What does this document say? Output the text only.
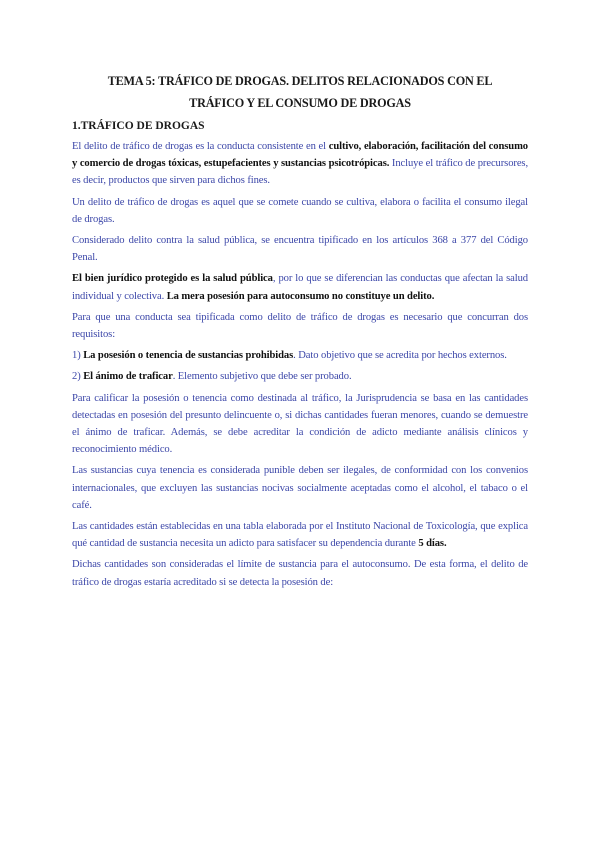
TEMA 5: TRÁFICO DE DROGAS. DELITOS RELACIONADOS CON EL
TRÁFICO Y EL CONSUMO DE DROGAS
1.TRÁFICO DE DROGAS

El delito de tráfico de drogas es la conducta consistente en el cultivo, elaboración, facilitación del consumo y comercio de drogas tóxicas, estupefacientes y sustancias psicotrópicas. Incluye el tráfico de precursores, es decir, productos que sirven para dichos fines.

Un delito de tráfico de drogas es aquel que se comete cuando se cultiva, elabora o facilita el consumo ilegal de drogas.

Considerado delito contra la salud pública, se encuentra tipificado en los artículos 368 a 377 del Código Penal.

El bien jurídico protegido es la salud pública, por lo que se diferencian las conductas que afectan la salud individual y colectiva. La mera posesión para autoconsumo no constituye un delito.

Para que una conducta sea tipificada como delito de tráfico de drogas es necesario que concurran dos requisitos:

1) La posesión o tenencia de sustancias prohibidas. Dato objetivo que se acredita por hechos externos.

2) El ánimo de traficar. Elemento subjetivo que debe ser probado.

Para calificar la posesión o tenencia como destinada al tráfico, la Jurisprudencia se basa en las cantidades detectadas en posesión del presunto delincuente o, si dichas cantidades fueran menores, cuando se demuestre el ánimo de traficar. Además, se debe acreditar la condición de adicto mediante análisis clínicos y reconocimiento médico.

Las sustancias cuya tenencia es considerada punible deben ser ilegales, de conformidad con los convenios internacionales, que excluyen las sustancias nocivas socialmente aceptadas como el alcohol, el tabaco o el café.

Las cantidades están establecidas en una tabla elaborada por el Instituto Nacional de Toxicología, que explica qué cantidad de sustancia necesita un adicto para satisfacer su dependencia durante 5 días.

Dichas cantidades son consideradas el límite de sustancia para el autoconsumo. De esta forma, el delito de tráfico de drogas estaría acreditado si se detecta la posesión de:
